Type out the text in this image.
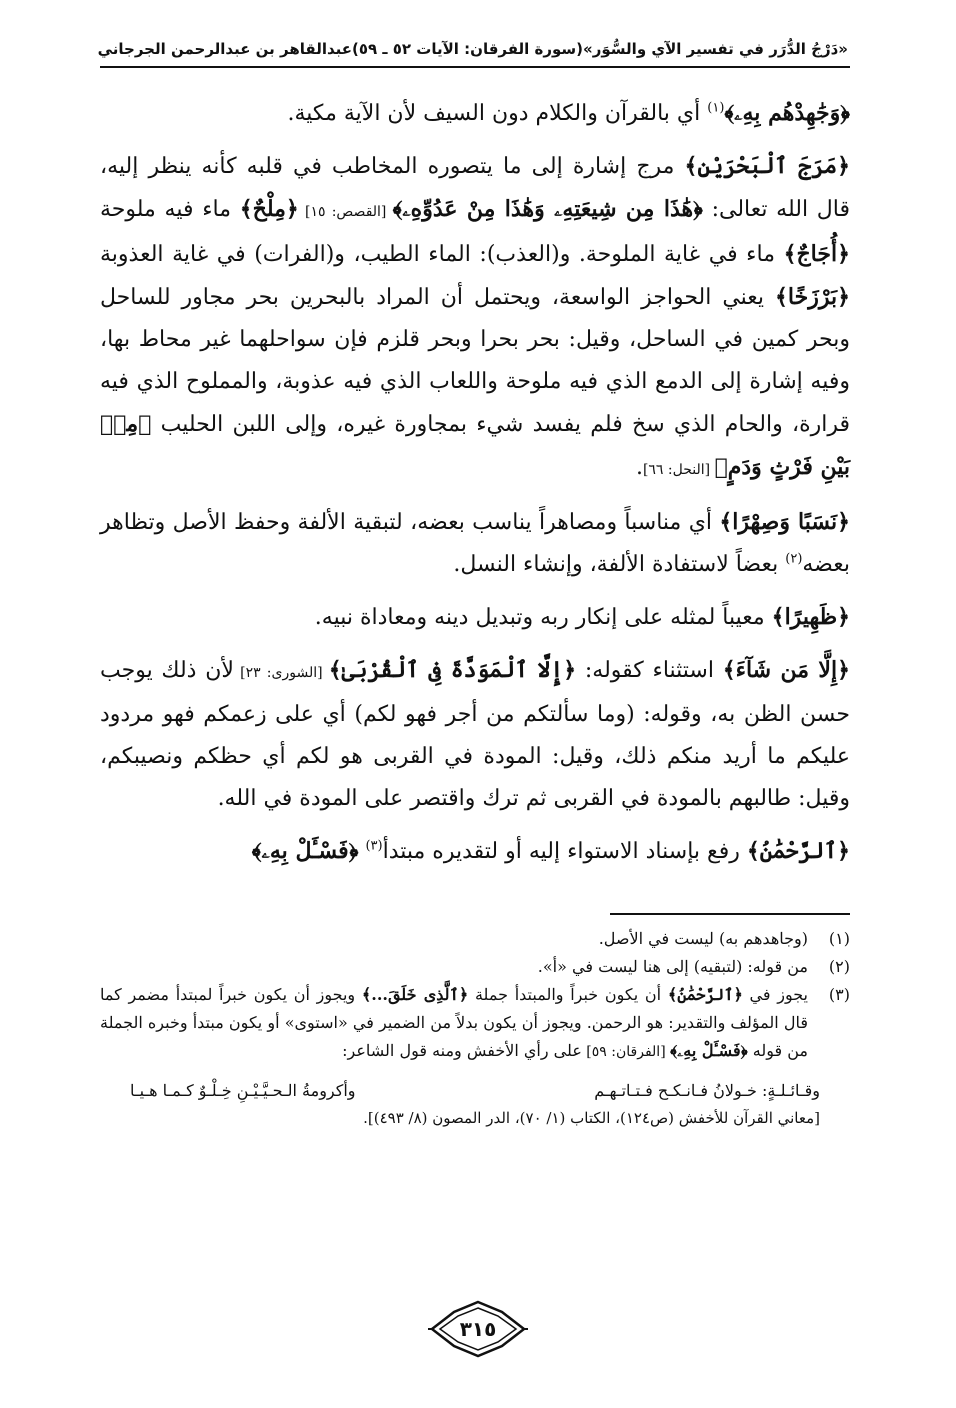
«دَرْجُ الدُّرَر في تفسير الآي والسُّوَر»
(سورة الفرقان: الآيات ٥٢ ـ ٥٩)
عبدالقاهر بن عبدالرحمن الجرجاني

﴿وَجَٰهِدْهُم بِهِۦ﴾$^{(١)}$ أي بالقرآن والكلام دون السيف لأن الآية مكية.

﴿مَرَجَ ٱلْبَحْرَيْنِ﴾ مرج إشارة إلى ما يتصوره المخاطب في قلبه كأنه ينظر إليه، قال الله تعالى: ﴿هَٰذَا مِن شِيعَتِهِۦ وَهَٰذَا مِنْ عَدُوِّهِۦ﴾ [القصص: ١٥] ﴿مِلْحٌ﴾ ماء فيه ملوحة ﴿أُجَاجٌ﴾ ماء في غاية الملوحة. و(العذب): الماء الطيب، و(الفرات) في غاية العذوبة ﴿بَرْزَخًا﴾ يعني الحواجز الواسعة، ويحتمل أن المراد بالبحرين بحر مجاور للساحل وبحر كمين في الساحل، وقيل: بحر بحرا وبحر قلزم فإن سواحلهما غير محاط بها، وفيه إشارة إلى الدمع الذي فيه ملوحة واللعاب الذي فيه عذوبة، والمملوح الذي فيه قرارة، والحام الذي سخ فلم يفسد شيء بمجاورة غيره، وإلى اللبن الحليب ﴿مِنۢ بَيْنِ فَرْثٍ وَدَمٍ﴾ [النحل: ٦٦].

﴿نَسَبًا وَصِهْرًا﴾ أي مناسباً ومصاهراً يناسب بعضه، لتبقية الألفة وحفظ الأصل وتظاهر بعضه$^{(٢)}$ بعضاً لاستفادة الألفة، وإنشاء النسل.

﴿ظَهِيرًا﴾ معيباً لمثله على إنكار ربه وتبديل دينه ومعاداة نبيه.

﴿إِلَّا مَن شَآءَ﴾ استثناء كقوله: ﴿إِلَّا ٱلْمَوَدَّةَ فِى ٱلْقُرْبَىٰ﴾ [الشورى: ٢٣] لأن ذلك يوجب حسن الظن به، وقوله: (وما سألتكم من أجر فهو لكم) أي على زعمكم فهو مردود عليكم ما أريد منكم ذلك، وقيل: المودة في القربى هو لكم أي حظكم ونصيبكم، وقيل: طالبهم بالمودة في القربى ثم ترك واقتصر على المودة في الله.

﴿ٱلرَّحْمَٰنُ﴾ رفع بإسناد الاستواء إليه أو لتقديره مبتدأ$^{(٣)}$ ﴿فَسْـَٔلْ بِهِۦ﴾

(١)
(وجاهدهم به) ليست في الأصل.
(٢)
من قوله: (لتبقيه) إلى هنا ليست في «أ».
(٣)
يجوز في ﴿ٱلرَّحْمَٰنُ﴾ أن يكون خبراً والمبتدأ جملة ﴿ٱلَّذِى خَلَقَ...﴾ ويجوز أن يكون خبراً لمبتدأ مضمر كما قال المؤلف والتقدير: هو الرحمن. ويجوز أن يكون بدلاً من الضمير في «استوى» أو يكون مبتدأ وخبره الجملة من قوله ﴿فَسْـَٔلْ بِهِۦ﴾ [الفرقان: ٥٩] على رأي الأخفش ومنه قول الشاعر:
وقـائـلـةٍ: خـولانُ فـانـكـح فـتـاتـهـم
وأكرومةُ الـحـيَّـيْـنِ خِـلْـوٌ كـمـا هـيـا
[معاني القرآن للأخفش (ص١٢٤)، الكتاب (١/ ٧٠)، الدر المصون (٨/ ٤٩٣)].
٣١٥
